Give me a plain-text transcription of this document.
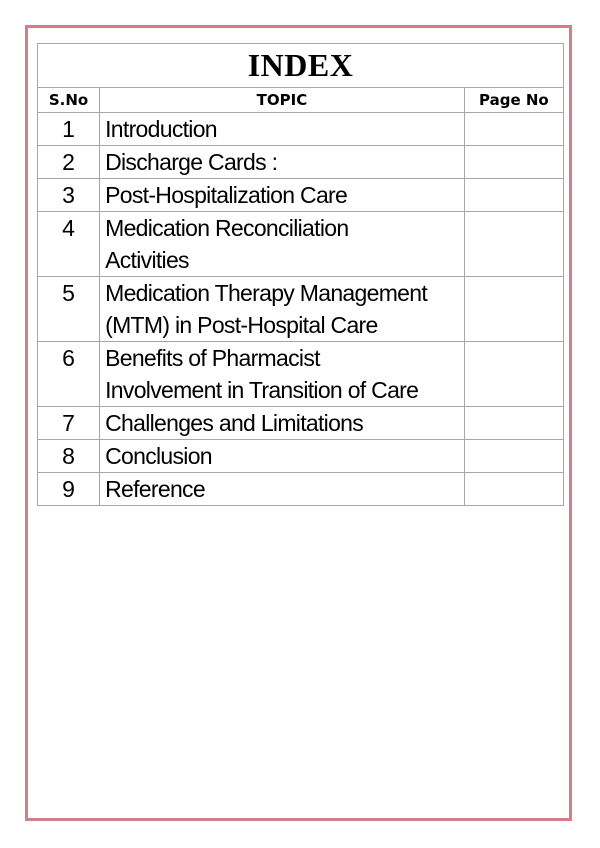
INDEX		
S.No	TOPIC	Page No
1	Introduction	

2	Discharge Cards :	

3	Post-Hospitalization Care	

4	Medication Reconciliation
Activities	

5	Medication Therapy Management
(MTM) in Post-Hospital Care	

6	Benefits of Pharmacist
Involvement in Transition of Care	

7	Challenges and Limitations	

8	Conclusion	

9	Reference	
